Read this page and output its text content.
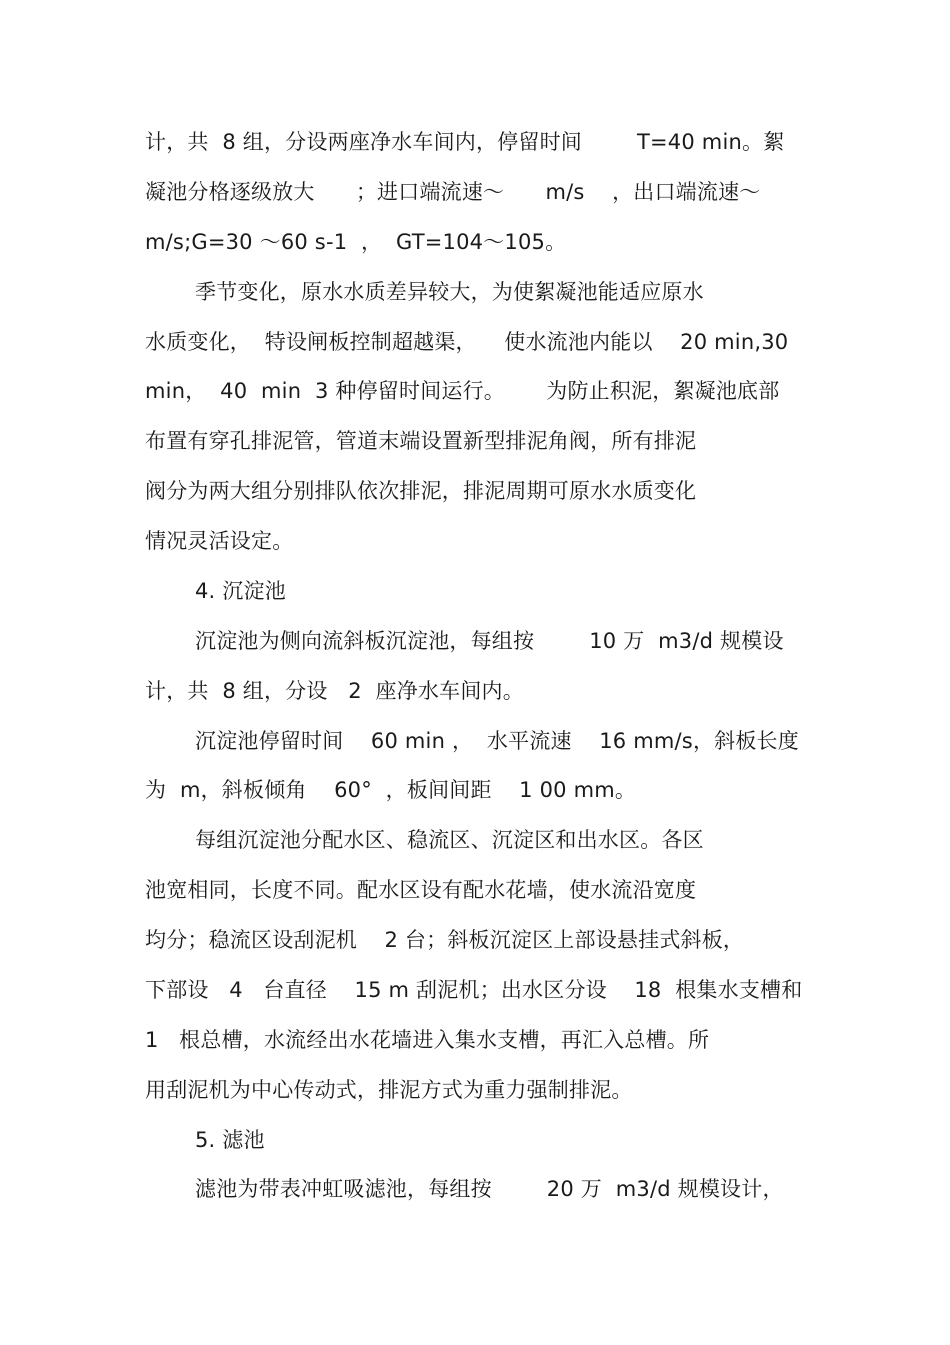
计，共  8 组，分设两座净水车间内，停留时间        T=40 min。絮
凝池分格逐级放大      ；进口端流速～      m/s    ，出口端流速～
m/s;G=30 ～60 s-1  ，  GT=104～105。
季节变化，原水水质差异较大，为使絮凝池能适应原水
水质变化，  特设闸板控制超越渠，    使水流池内能以    20 min,30
min，  40  min  3 种停留时间运行。      为防止积泥，絮凝池底部
布置有穿孔排泥管，管道末端设置新型排泥角阀，所有排泥
阀分为两大组分别排队依次排泥，排泥周期可原水水质变化
情况灵活设定。
4. 沉淀池
沉淀池为侧向流斜板沉淀池，每组按        10 万  m3/d 规模设
计，共  8 组，分设   2  座净水车间内。
沉淀池停留时间    60 min ，  水平流速    16 mm/s，斜板长度
为  m，斜板倾角    60°  ，板间间距    1 00 mm。
每组沉淀池分配水区、稳流区、沉淀区和出水区。各区
池宽相同，长度不同。配水区设有配水花墙，使水流沿宽度
均分；稳流区设刮泥机    2 台；斜板沉淀区上部设悬挂式斜板，
下部设   4   台直径    15 m 刮泥机；出水区分设    18  根集水支槽和
1   根总槽，水流经出水花墙进入集水支槽，再汇入总槽。所
用刮泥机为中心传动式，排泥方式为重力强制排泥。
5. 滤池
滤池为带表冲虹吸滤池，每组按        20 万  m3/d 规模设计，
